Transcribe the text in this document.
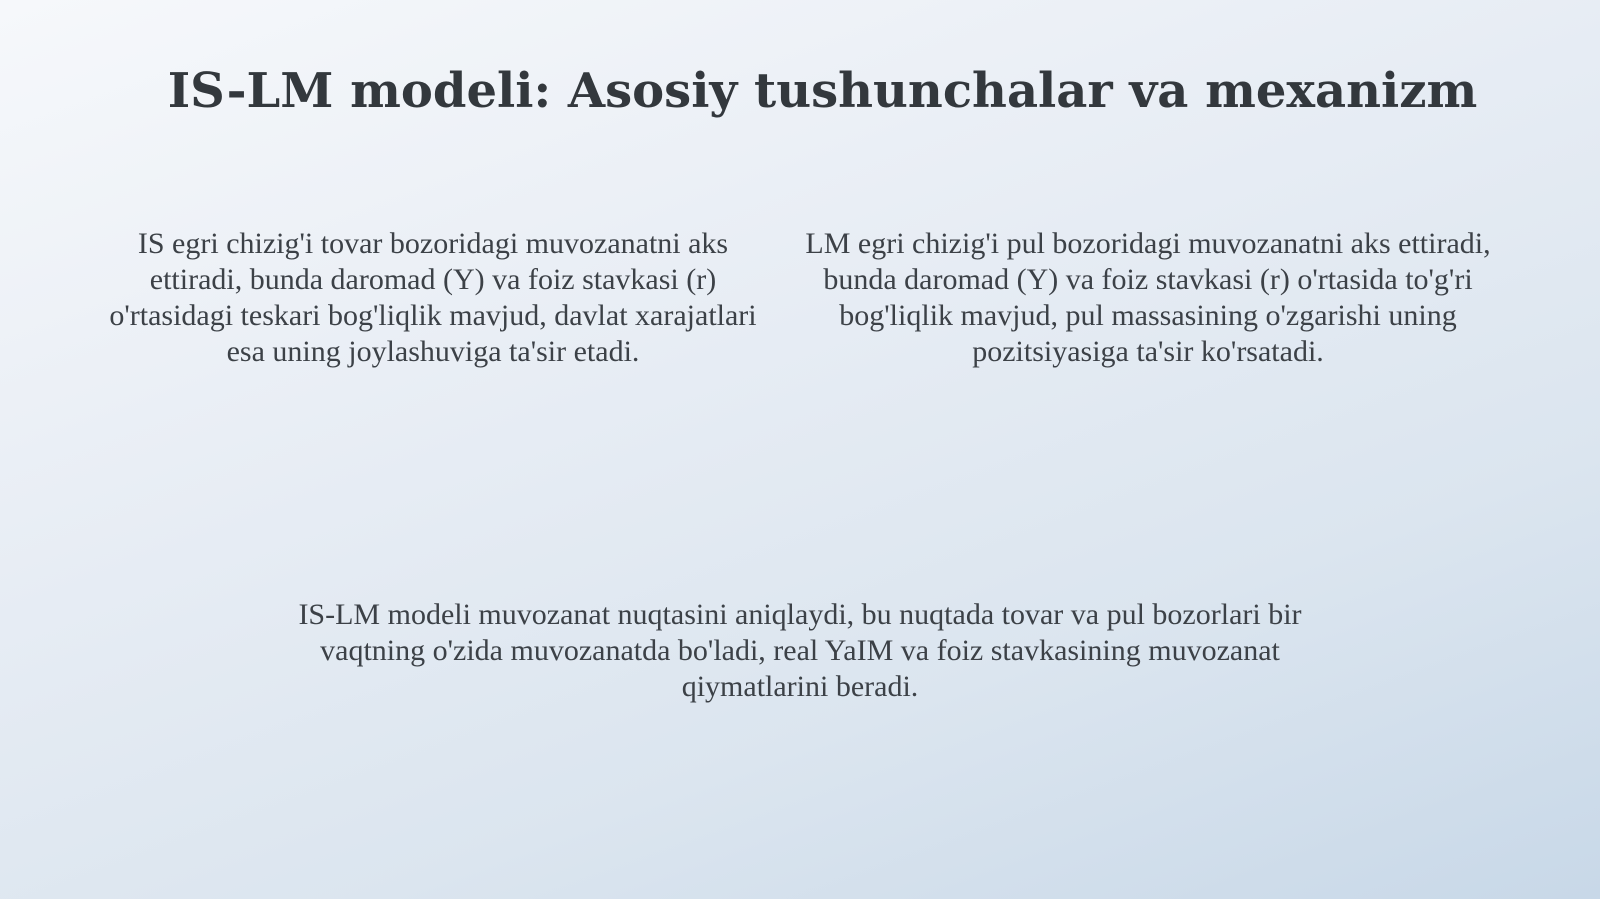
IS-LM modeli: Asosiy tushunchalar va mexanizm

IS egri chizig'i tovar bozoridagi muvozanatni aks ettiradi, bunda daromad (Y) va foiz stavkasi (r) o'rtasidagi teskari bog'liqlik mavjud, davlat xarajatlari esa uning joylashuviga ta'sir etadi.

LM egri chizig'i pul bozoridagi muvozanatni aks ettiradi, bunda daromad (Y) va foiz stavkasi (r) o'rtasida to'g'ri bog'liqlik mavjud, pul massasining o'zgarishi uning pozitsiyasiga ta'sir ko'rsatadi.

IS-LM modeli muvozanat nuqtasini aniqlaydi, bu nuqtada tovar va pul bozorlari bir vaqtning o'zida muvozanatda bo'ladi, real YaIM va foiz stavkasining muvozanat qiymatlarini beradi.
